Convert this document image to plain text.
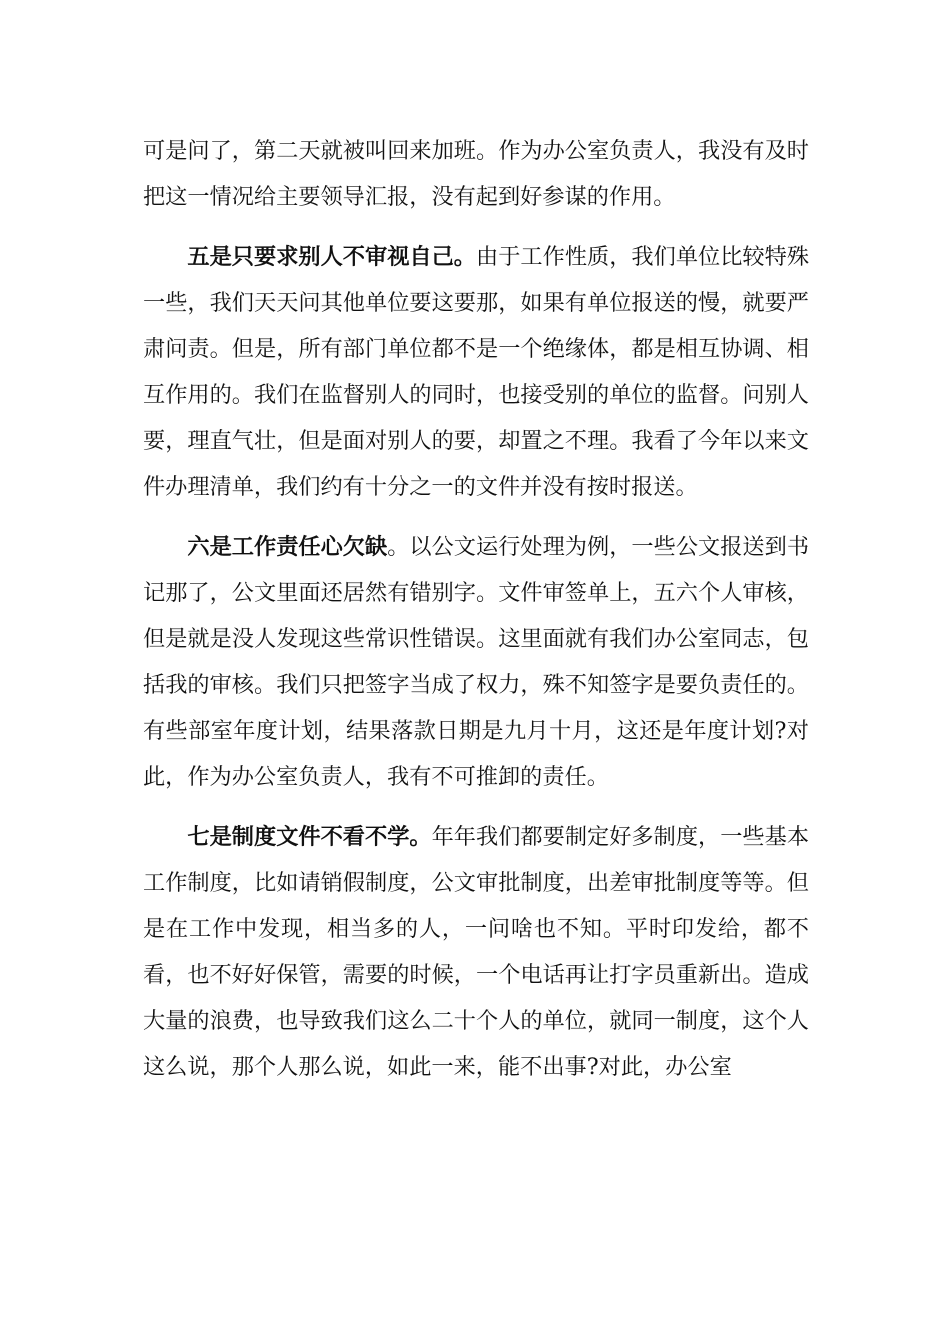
可是问了，第二天就被叫回来加班。作为办公室负责人，我没有及时把这一情况给主要领导汇报，没有起到好参谋的作用。

五是只要求别人不审视自己。由于工作性质，我们单位比较特殊一些，我们天天问其他单位要这要那，如果有单位报送的慢，就要严肃问责。但是，所有部门单位都不是一个绝缘体，都是相互协调、相互作用的。我们在监督别人的同时，也接受别的单位的监督。问别人要，理直气壮，但是面对别人的要，却置之不理。我看了今年以来文件办理清单，我们约有十分之一的文件并没有按时报送。

六是工作责任心欠缺。以公文运行处理为例，一些公文报送到书记那了，公文里面还居然有错别字。文件审签单上，五六个人审核，但是就是没人发现这些常识性错误。这里面就有我们办公室同志，包括我的审核。我们只把签字当成了权力，殊不知签字是要负责任的。有些部室年度计划，结果落款日期是九月十月，这还是年度计划?对此，作为办公室负责人，我有不可推卸的责任。

七是制度文件不看不学。年年我们都要制定好多制度，一些基本工作制度，比如请销假制度，公文审批制度，出差审批制度等等。但是在工作中发现，相当多的人，一问啥也不知。平时印发给，都不看，也不好好保管，需要的时候，一个电话再让打字员重新出。造成大量的浪费，也导致我们这么二十个人的单位，就同一制度，这个人这么说，那个人那么说，如此一来，能不出事?对此，办公室
